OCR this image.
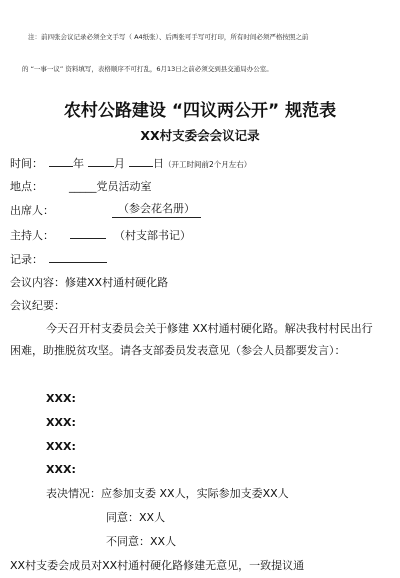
注：前四张会议记录必须全文手写（ A4纸张）、后两张可手写可打印，所有时间必须严格按照之前
的 “一事一议” 资料填写，表格顺序不可打乱，6月13日之前必须交到县交通局办公室。
农村公路建设 “四议两公开” 规范表
XX村支委会会议记录
时间：	年	月	日（开工时间前2个月左右）
地点： _____党员活动室
出席人：	（参会花名册）
主持人：	（村支部书记）
记录：
会议内容：修建XX村通村硬化路
会议纪要：
今天召开村支委员会关于修建 XX村通村硬化路。解决我村村民出行困难，助推脱贫攻坚。请各支部委员发表意见（参会人员都要发言）：
XXX:
XXX:
XXX:
XXX:
表决情况：应参加支委 XX人，实际参加支委XX人
同意：XX人
不同意：XX人
XX村支委会成员对XX村通村硬化路修建无意见，一致提议通
